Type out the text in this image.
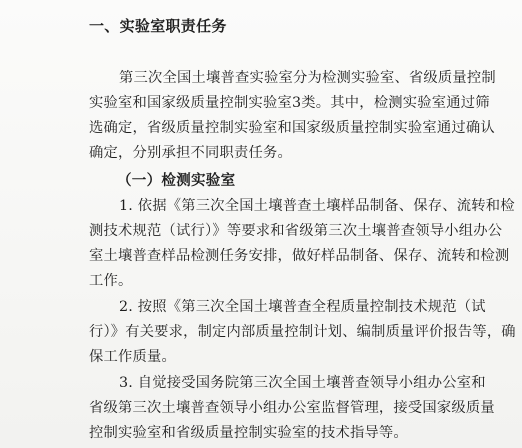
一、实验室职责任务
第三次全国土壤普查实验室分为检测实验室、省级质量控制
实验室和国家级质量控制实验室3类。其中，检测实验室通过筛
选确定，省级质量控制实验室和国家级质量控制实验室通过确认
确定，分别承担不同职责任务。
（一）检测实验室
1. 依据《第三次全国土壤普查土壤样品制备、保存、流转和检
测技术规范（试行）》等要求和省级第三次土壤普查领导小组办公
室土壤普查样品检测任务安排，做好样品制备、保存、流转和检测
工作。
2. 按照《第三次全国土壤普查全程质量控制技术规范（试
行）》有关要求，制定内部质量控制计划、编制质量评价报告等，确
保工作质量。
3. 自觉接受国务院第三次全国土壤普查领导小组办公室和
省级第三次土壤普查领导小组办公室监督管理，接受国家级质量
控制实验室和省级质量控制实验室的技术指导等。
